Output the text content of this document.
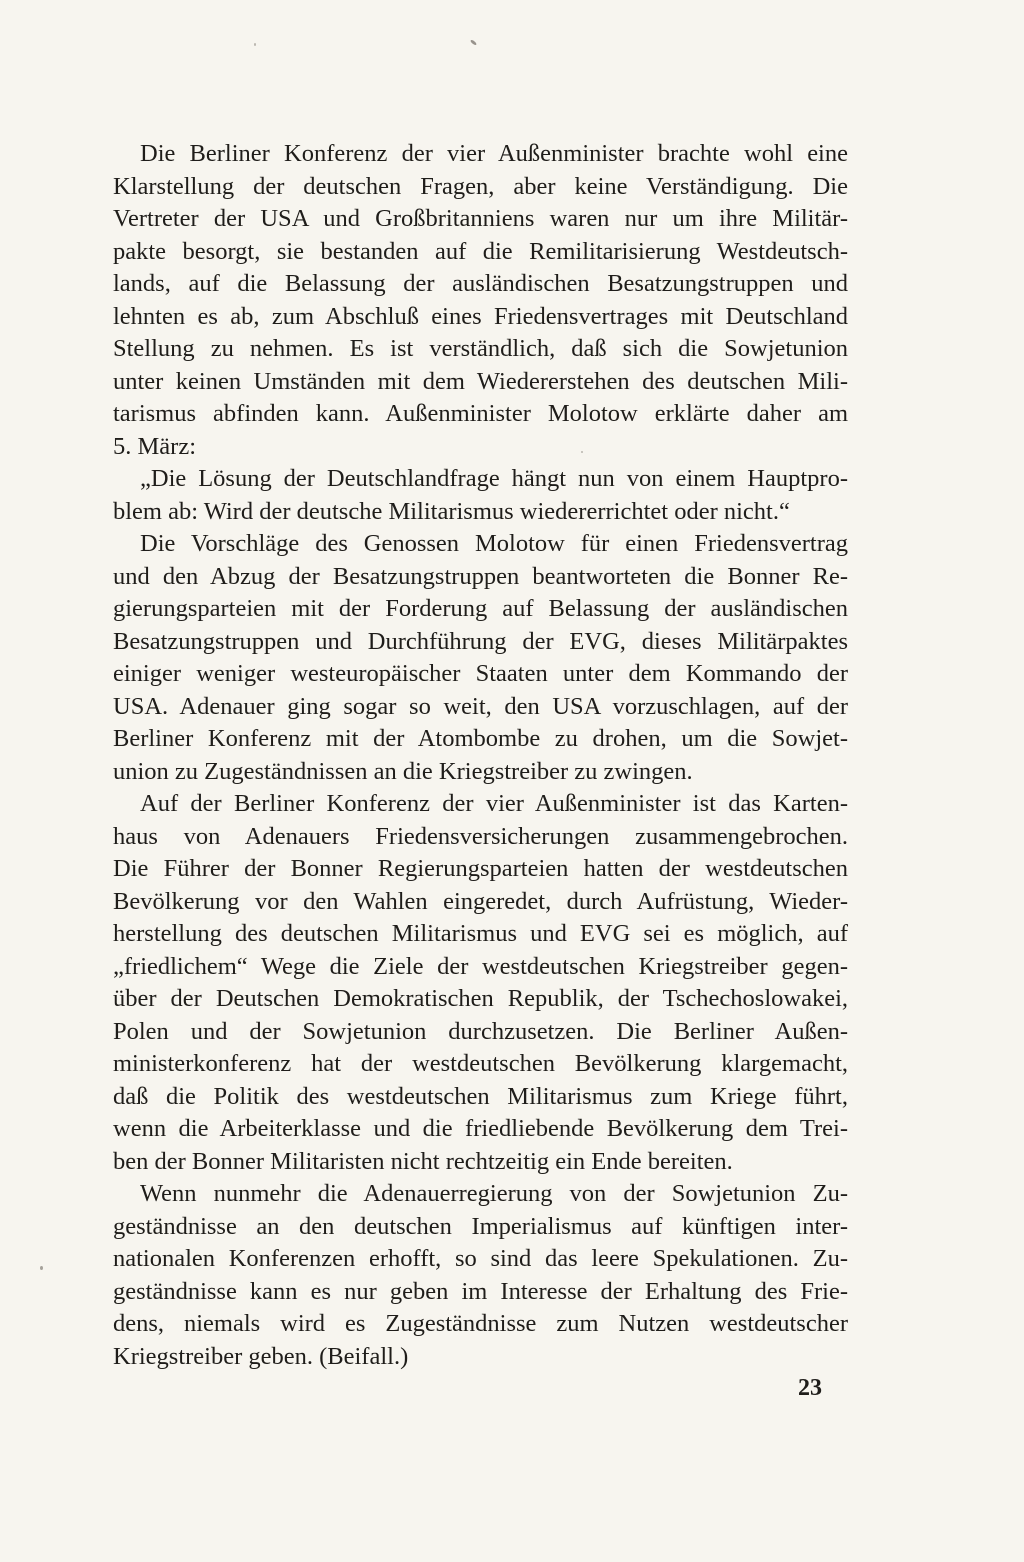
Die Berliner Konferenz der vier Außenminister brachte wohl eine
Klarstellung der deutschen Fragen, aber keine Verständigung. Die
Vertreter der USA und Großbritanniens waren nur um ihre Militär-
pakte besorgt, sie bestanden auf die Remilitarisierung Westdeutsch-
lands, auf die Belassung der ausländischen Besatzungstruppen und
lehnten es ab, zum Abschluß eines Friedensvertrages mit Deutschland
Stellung zu nehmen. Es ist verständlich, daß sich die Sowjetunion
unter keinen Umständen mit dem Wiedererstehen des deutschen Mili-
tarismus abfinden kann. Außenminister Molotow erklärte daher am
5. März:
„Die Lösung der Deutschlandfrage hängt nun von einem Hauptpro-
blem ab: Wird der deutsche Militarismus wiedererrichtet oder nicht.“
Die Vorschläge des Genossen Molotow für einen Friedensvertrag
und den Abzug der Besatzungstruppen beantworteten die Bonner Re-
gierungsparteien mit der Forderung auf Belassung der ausländischen
Besatzungstruppen und Durchführung der EVG, dieses Militärpaktes
einiger weniger westeuropäischer Staaten unter dem Kommando der
USA. Adenauer ging sogar so weit, den USA vorzuschlagen, auf der
Berliner Konferenz mit der Atombombe zu drohen, um die Sowjet-
union zu Zugeständnissen an die Kriegstreiber zu zwingen.
Auf der Berliner Konferenz der vier Außenminister ist das Karten-
haus von Adenauers Friedensversicherungen zusammengebrochen.
Die Führer der Bonner Regierungsparteien hatten der westdeutschen
Bevölkerung vor den Wahlen eingeredet, durch Aufrüstung, Wieder-
herstellung des deutschen Militarismus und EVG sei es möglich, auf
„friedlichem“ Wege die Ziele der westdeutschen Kriegstreiber gegen-
über der Deutschen Demokratischen Republik, der Tschechoslowakei,
Polen und der Sowjetunion durchzusetzen. Die Berliner Außen-
ministerkonferenz hat der westdeutschen Bevölkerung klargemacht,
daß die Politik des westdeutschen Militarismus zum Kriege führt,
wenn die Arbeiterklasse und die friedliebende Bevölkerung dem Trei-
ben der Bonner Militaristen nicht rechtzeitig ein Ende bereiten.
Wenn nunmehr die Adenauerregierung von der Sowjetunion Zu-
geständnisse an den deutschen Imperialismus auf künftigen inter-
nationalen Konferenzen erhofft, so sind das leere Spekulationen. Zu-
geständnisse kann es nur geben im Interesse der Erhaltung des Frie-
dens, niemals wird es Zugeständnisse zum Nutzen westdeutscher
Kriegstreiber geben. (Beifall.)
23
